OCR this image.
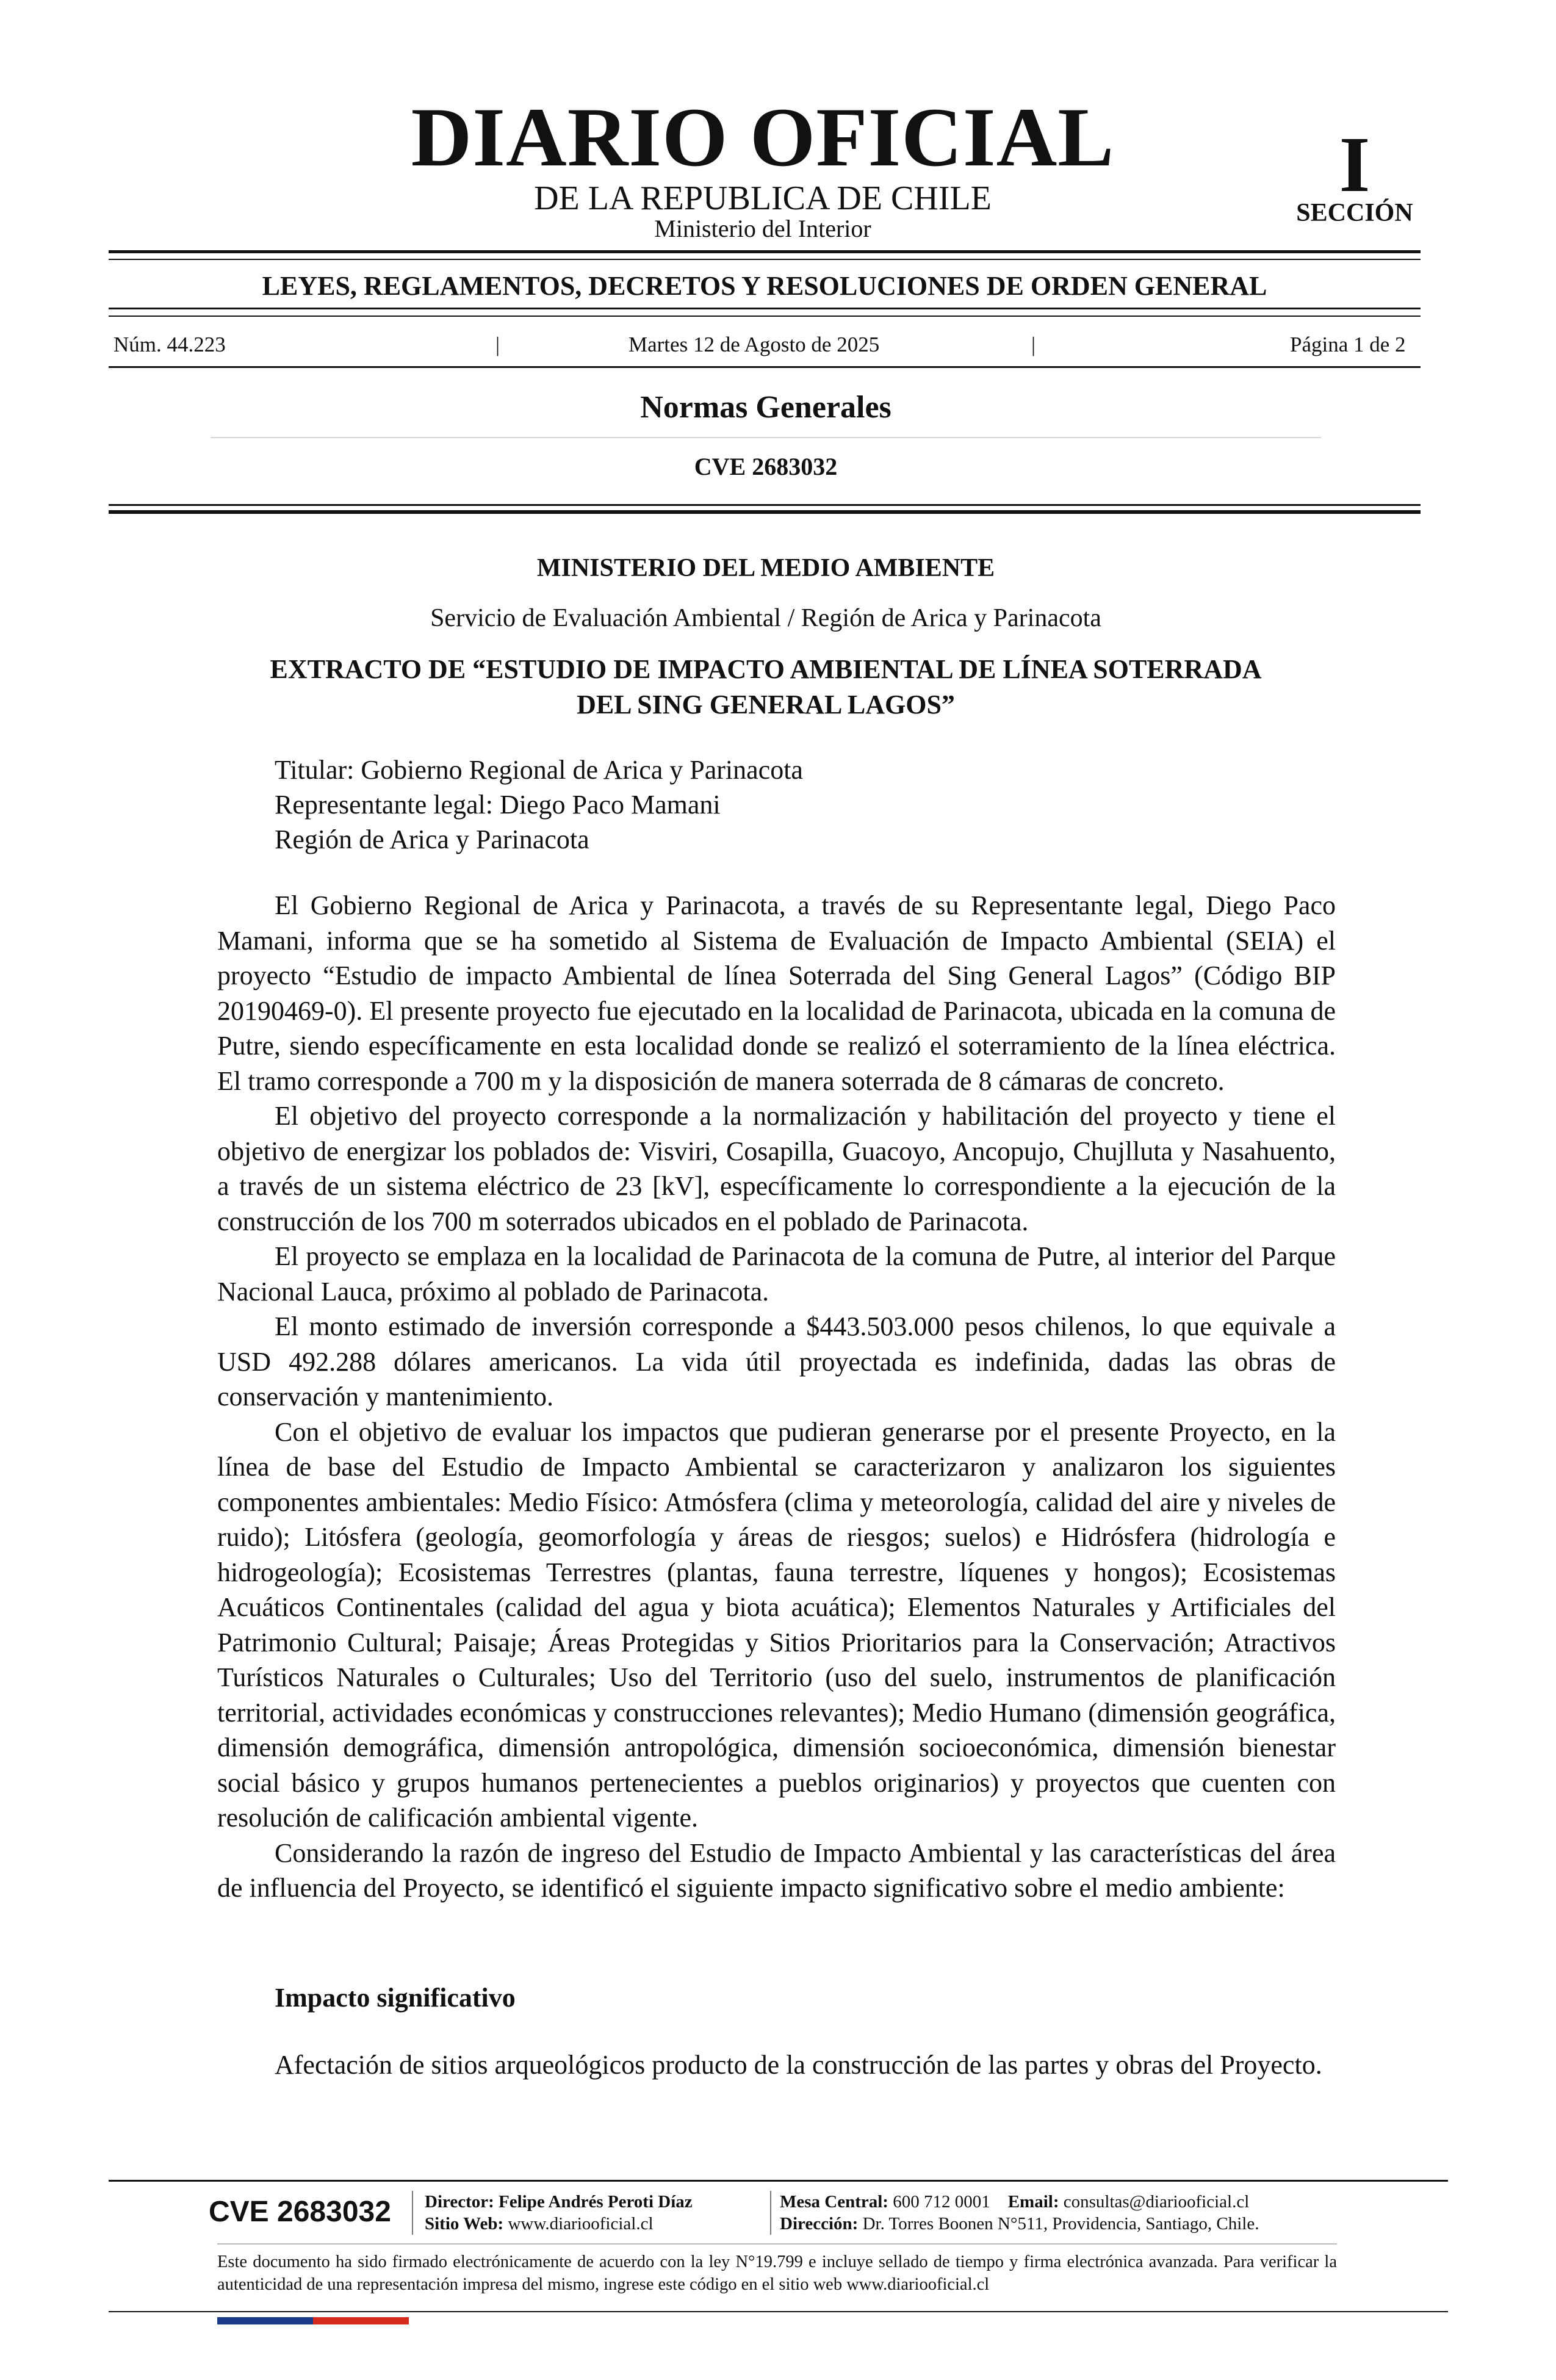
DIARIO OFICIAL
DE LA REPUBLICA DE CHILE
Ministerio del Interior
I
SECCIÓN
LEYES, REGLAMENTOS, DECRETOS Y RESOLUCIONES DE ORDEN GENERAL
Núm. 44.223	|	Martes 12 de Agosto de 2025	|	Página 1 de 2
Normas Generales
CVE 2683032
MINISTERIO DEL MEDIO AMBIENTE
Servicio de Evaluación Ambiental / Región de Arica y Parinacota
EXTRACTO DE “ESTUDIO DE IMPACTO AMBIENTAL DE LÍNEA SOTERRADA
DEL SING GENERAL LAGOS”
Titular: Gobierno Regional de Arica y Parinacota
Representante legal: Diego Paco Mamani
Región de Arica y Parinacota

El Gobierno Regional de Arica y Parinacota, a través de su Representante legal, Diego Paco Mamani, informa que se ha sometido al Sistema de Evaluación de Impacto Ambiental (SEIA) el proyecto “Estudio de impacto Ambiental de línea Soterrada del Sing General Lagos” (Código BIP 20190469-0). El presente proyecto fue ejecutado en la localidad de Parinacota, ubicada en la comuna de Putre, siendo específicamente en esta localidad donde se realizó el soterramiento de la línea eléctrica. El tramo corresponde a 700 m y la disposición de manera soterrada de 8 cámaras de concreto.

El objetivo del proyecto corresponde a la normalización y habilitación del proyecto y tiene el objetivo de energizar los poblados de: Visviri, Cosapilla, Guacoyo, Ancopujo, Chujlluta y Nasahuento, a través de un sistema eléctrico de 23 [kV], específicamente lo correspondiente a la ejecución de la construcción de los 700 m soterrados ubicados en el poblado de Parinacota.

El proyecto se emplaza en la localidad de Parinacota de la comuna de Putre, al interior del Parque Nacional Lauca, próximo al poblado de Parinacota.

El monto estimado de inversión corresponde a $443.503.000 pesos chilenos, lo que equivale a USD 492.288 dólares americanos. La vida útil proyectada es indefinida, dadas las obras de conservación y mantenimiento.

Con el objetivo de evaluar los impactos que pudieran generarse por el presente Proyecto, en la línea de base del Estudio de Impacto Ambiental se caracterizaron y analizaron los siguientes componentes ambientales: Medio Físico: Atmósfera (clima y meteorología, calidad del aire y niveles de ruido); Litósfera (geología, geomorfología y áreas de riesgos; suelos) e Hidrósfera (hidrología e hidrogeología); Ecosistemas Terrestres (plantas, fauna terrestre, líquenes y hongos); Ecosistemas Acuáticos Continentales (calidad del agua y biota acuática); Elementos Naturales y Artificiales del Patrimonio Cultural; Paisaje; Áreas Protegidas y Sitios Prioritarios para la Conservación; Atractivos Turísticos Naturales o Culturales; Uso del Territorio (uso del suelo, instrumentos de planificación territorial, actividades económicas y construcciones relevantes); Medio Humano (dimensión geográfica, dimensión demográfica, dimensión antropológica, dimensión socioeconómica, dimensión bienestar social básico y grupos humanos pertenecientes a pueblos originarios) y proyectos que cuenten con resolución de calificación ambiental vigente.

Considerando la razón de ingreso del Estudio de Impacto Ambiental y las características del área de influencia del Proyecto, se identificó el siguiente impacto significativo sobre el medio ambiente:

Impacto significativo
Afectación de sitios arqueológicos producto de la construcción de las partes y obras del Proyecto.
CVE 2683032 Director: Felipe Andrés Peroti Díaz
Sitio Web: www.diariooficial.cl
Mesa Central: 600 712 0001 Email: consultas@diariooficial.cl
Dirección: Dr. Torres Boonen N°511, Providencia, Santiago, Chile.
Este documento ha sido firmado electrónicamente de acuerdo con la ley N°19.799 e incluye sellado de tiempo y firma electrónica avanzada. Para verificar la autenticidad de una representación impresa del mismo, ingrese este código en el sitio web www.diariooficial.cl
